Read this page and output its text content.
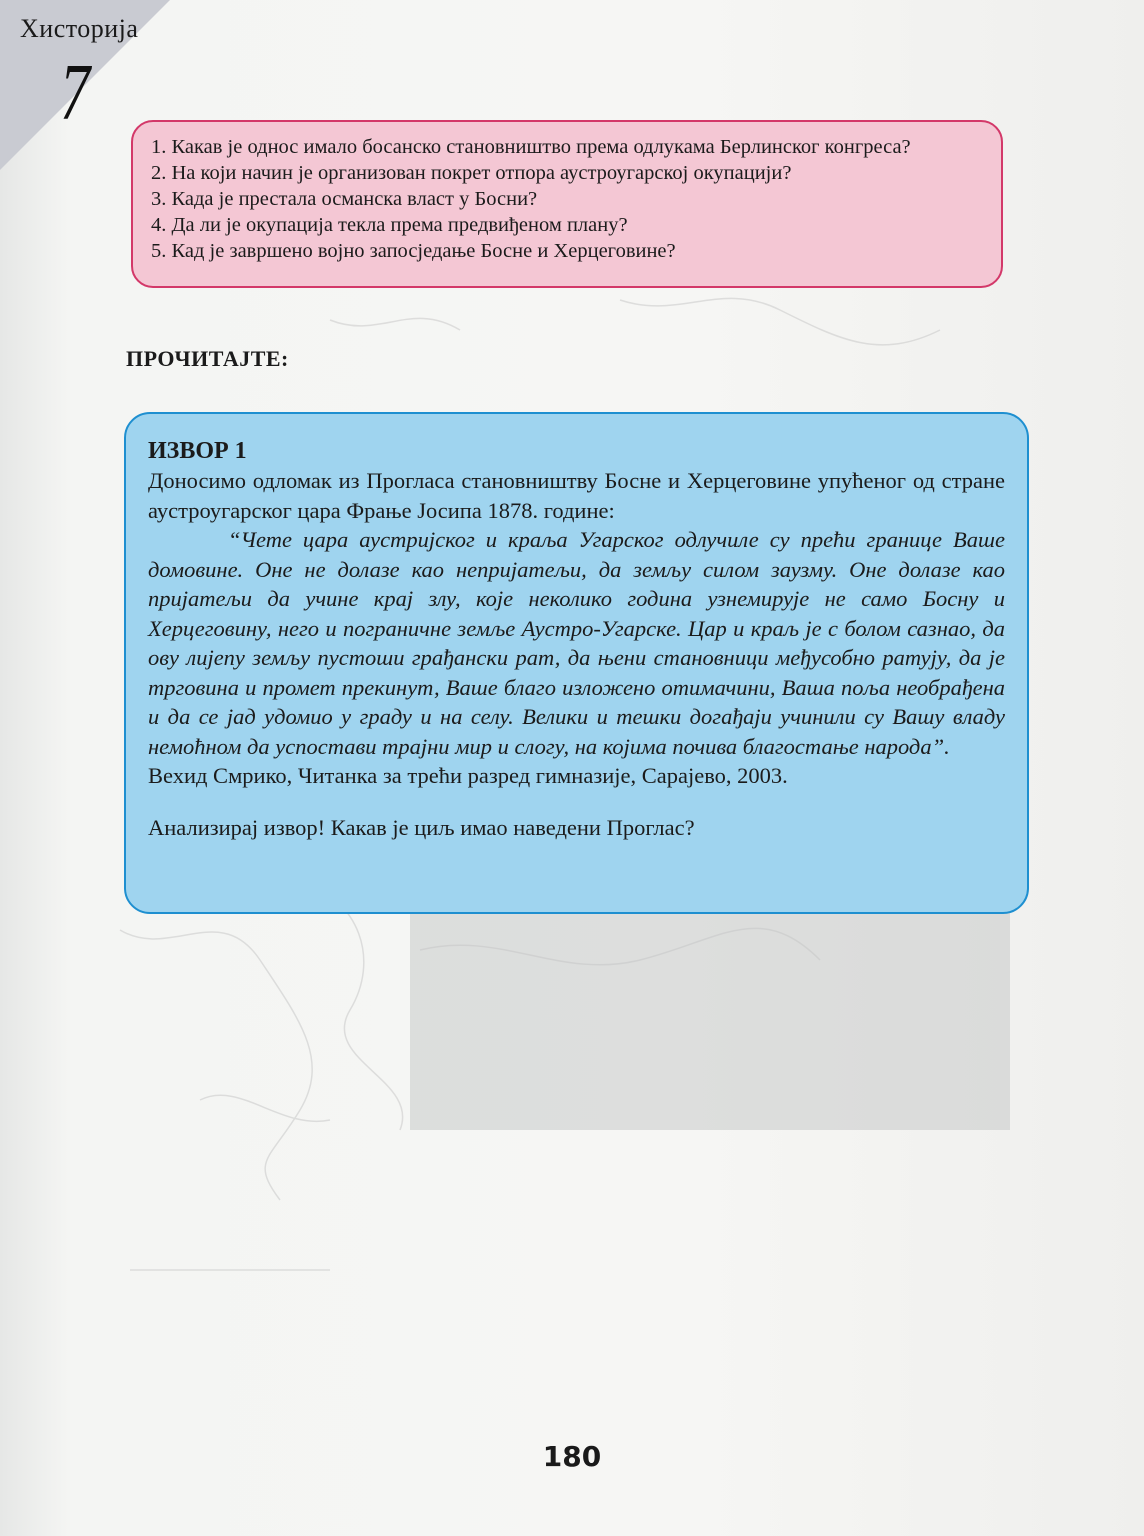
Хисторија
7
1. Какав је однос имало босанско становништво према одлукама Берлинског конгреса?
2. На који начин је организован покрет отпора аустроугарској окупацији?
3. Када је престала османска власт у Босни?
4. Да ли је окупација текла према предвиђеном плану?
5. Кад је завршено војно запосједање Босне и Херцеговине?
ПРОЧИТАЈТЕ:

ИЗВОР 1

Доносимо одломак из Прогласа становништву Босне и Херцеговине упућеног од стране аустроугарског цара Фрање Јосипа 1878. године:

“Чете цара аустријског и краља Угарског одлучиле су прећи границе Ваше домовине. Оне не долазе као непријатељи, да земљу силом заузму. Оне долазе као пријатељи да учине крај злу, које неколико година узнемирује не само Босну и Херцеговину, него и пограничне земље Аустро-Угарске. Цар и краљ је с болом сазнао, да ову лијепу земљу пустоши грађански рат, да њени становници међусобно ратују, да је трговина и промет прекинут, Ваше благо изложено отимачини, Ваша поља необрађена и да се јад удомио у граду и на селу. Велики и тешки догађаји учинили су Вашу владу немоћном да успостави трајни мир и слогу, на којима почива благостање народа”.

Вехид Смрико, Читанка за трећи разред гимназије, Сарајево, 2003.

Анализирај извор! Какав је циљ имао наведени Проглас?

180
